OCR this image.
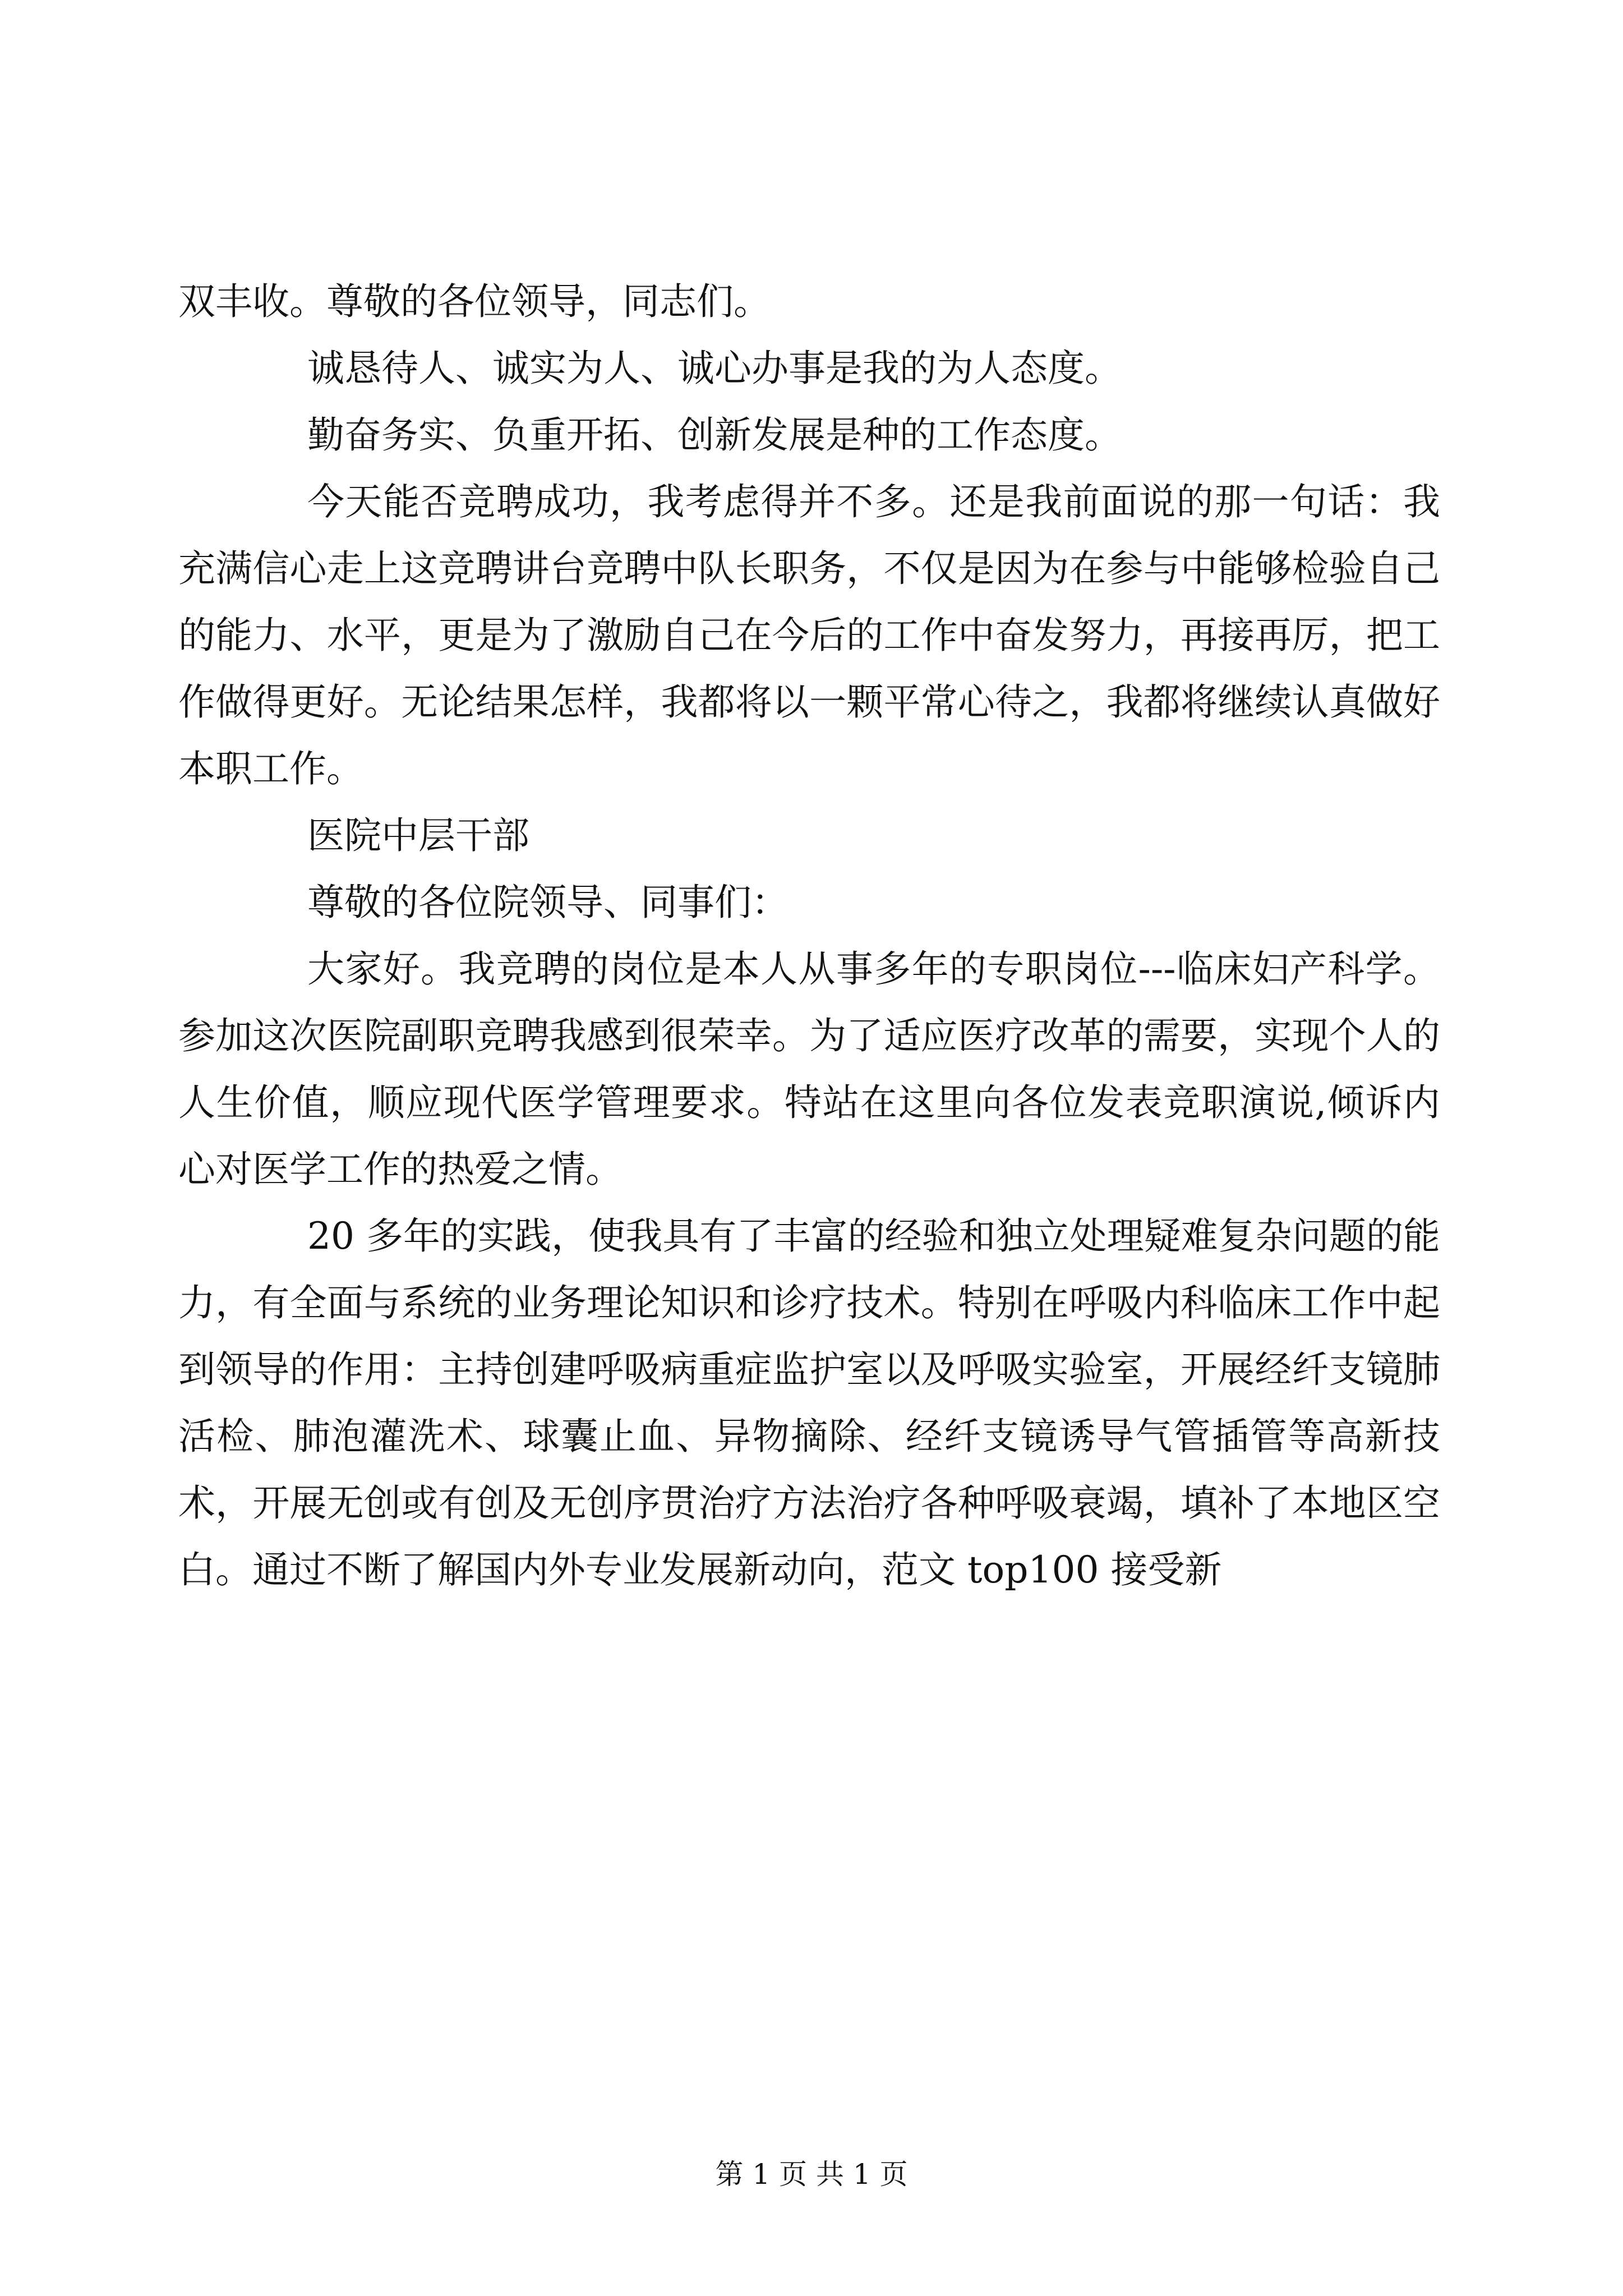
双丰收。尊敬的各位领导，同志们。

诚恳待人、诚实为人、诚心办事是我的为人态度。

勤奋务实、负重开拓、创新发展是种的工作态度。

今天能否竞聘成功，我考虑得并不多。还是我前面说的那一句话：我充满信心走上这竞聘讲台竞聘中队长职务，不仅是因为在参与中能够检验自己的能力、水平，更是为了激励自己在今后的工作中奋发努力，再接再厉，把工作做得更好。无论结果怎样，我都将以一颗平常心待之，我都将继续认真做好本职工作。

医院中层干部

尊敬的各位院领导、同事们：

大家好。我竞聘的岗位是本人从事多年的专职岗位---临床妇产科学。参加这次医院副职竞聘我感到很荣幸。为了适应医疗改革的需要，实现个人的人生价值，顺应现代医学管理要求。特站在这里向各位发表竞职演说,倾诉内心对医学工作的热爱之情。

20 多年的实践，使我具有了丰富的经验和独立处理疑难复杂问题的能力，有全面与系统的业务理论知识和诊疗技术。特别在呼吸内科临床工作中起到领导的作用：主持创建呼吸病重症监护室以及呼吸实验室，开展经纤支镜肺活检、肺泡灌洗术、球囊止血、异物摘除、经纤支镜诱导气管插管等高新技术，开展无创或有创及无创序贯治疗方法治疗各种呼吸衰竭，填补了本地区空白。通过不断了解国内外专业发展新动向，范文 top100 接受新

第 1 页 共 1 页
